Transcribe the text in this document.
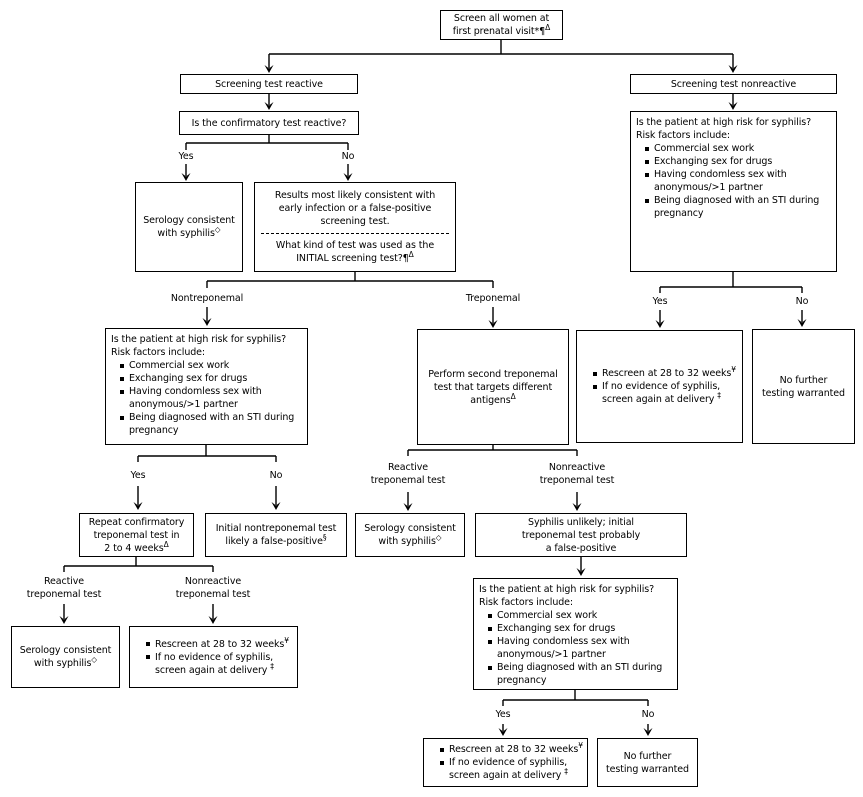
Screen all women at
first prenatal visit*¶$^\Delta$
Screening test reactive	Screening test nonreactive
Is the confirmatory test reactive?
Serology consistent
with syphilis◇
Results most likely consistent with
early infection or a false-positive
screening test.
What kind of test was used as the
INITIAL screening test?¶$^\Delta$
Is the patient at high risk for syphilis?
Risk factors include:
Commercial sex work
Exchanging sex for drugs
Having condomless sex with
anonymous/>1 partner
Being diagnosed with an STI during
pregnancy
Is the patient at high risk for syphilis?
Risk factors include:
Commercial sex work
Exchanging sex for drugs
Having condomless sex with
anonymous/>1 partner
Being diagnosed with an STI during
pregnancy
Perform second treponemal
test that targets different
antigens$^\Delta$
Rescreen at 28 to 32 weeks¥
If no evidence of syphilis,
screen again at delivery ‡
No further
testing warranted
Repeat confirmatory
treponemal test in
2 to 4 weeks$^\Delta$
Initial nontreponemal test
likely a false-positive§
Serology consistent
with syphilis◇
Syphilis unlikely; initial
treponemal test probably
a false-positive
Serology consistent
with syphilis◇
Rescreen at 28 to 32 weeks¥
If no evidence of syphilis,
screen again at delivery ‡
Is the patient at high risk for syphilis?
Risk factors include:
Commercial sex work
Exchanging sex for drugs
Having condomless sex with
anonymous/>1 partner
Being diagnosed with an STI during
pregnancy
Rescreen at 28 to 32 weeks¥
If no evidence of syphilis,
screen again at delivery ‡
No further
testing warranted
Yes	No
Nontreponemal	Treponemal	Yes	No
Yes	No
Reactive
treponemal test
Nonreactive
treponemal test
Reactive
treponemal test
Nonreactive
treponemal test
Yes	No
